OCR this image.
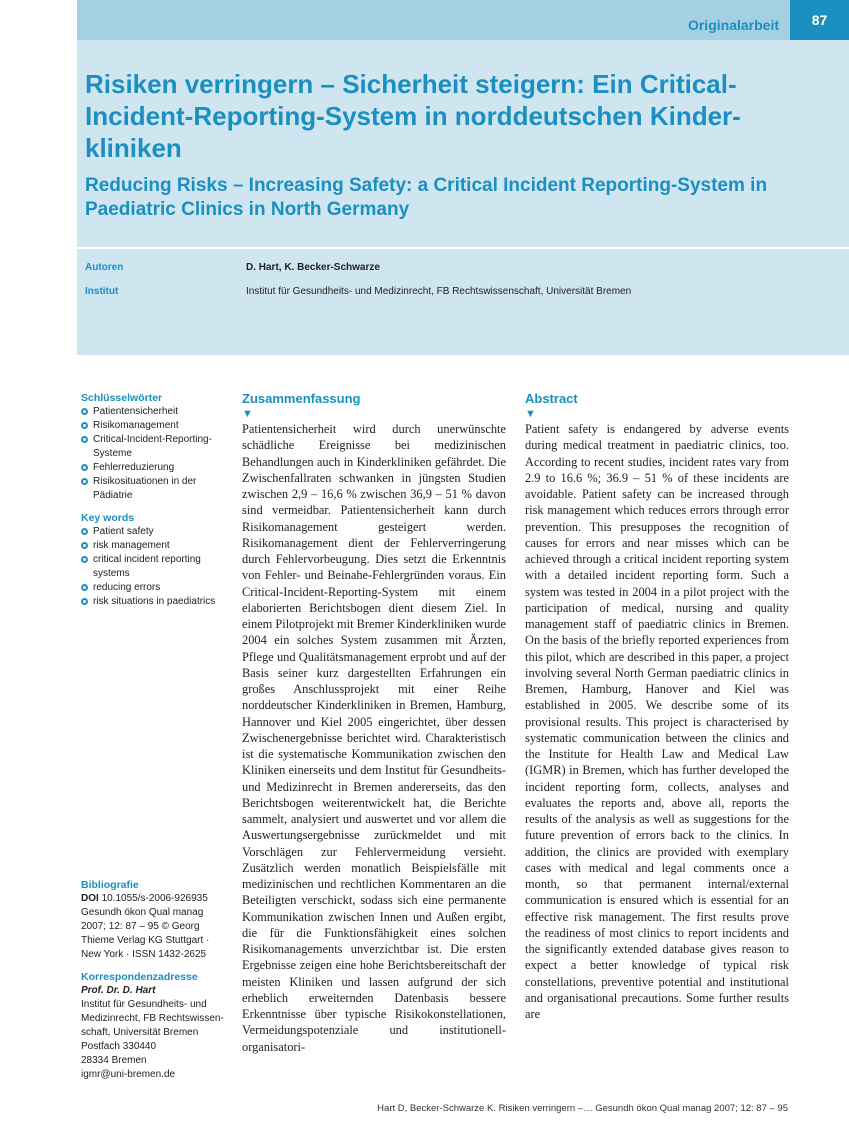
Originalarbeit	87
Risiken verringern – Sicherheit steigern: Ein Critical-Incident-Reporting-System in norddeutschen Kinder-kliniken
Reducing Risks – Increasing Safety: a Critical Incident Reporting-System in Paediatric Clinics in North Germany
Autoren	D. Hart, K. Becker-Schwarze
Institut	Institut für Gesundheits- und Medizinrecht, FB Rechtswissenschaft, Universität Bremen

Schlüsselwörter

Patientensicherheit
Risikomanagement
Critical-Incident-Reporting-Systeme
Fehlerreduzierung
Risikosituationen in der Pädiatrie

Key words

Patient safety
risk management
critical incident reporting systems
reducing errors
risk situations in paediatrics

Bibliografie

DOI 10.1055/s-2006-926935

Gesundh ökon Qual manag 2007; 12: 87 – 95 © Georg Thieme Verlag KG Stuttgart · New York · ISSN 1432-2625

Korrespondenzadresse

Prof. Dr. D. Hart

Institut für Gesundheits- und Medizinrecht, FB Rechtswissen-schaft, Universität Bremen

Postfach 330440

28334 Bremen

igmr@uni-bremen.de

Zusammenfassung

▼

Patientensicherheit wird durch unerwünschte schädliche Ereignisse bei medizinischen Behandlungen auch in Kinderkliniken gefährdet. Die Zwischenfallraten schwanken in jüngsten Studien zwischen 2,9 – 16,6 % zwischen 36,9 – 51 % davon sind vermeidbar. Patientensicherheit kann durch Risikomanagement gesteigert werden. Risikomanagement dient der Fehlerverringerung durch Fehlervorbeugung. Dies setzt die Erkenntnis von Fehler- und Beinahe-Fehlergründen voraus. Ein Critical-Incident-Reporting-System mit einem elaborierten Berichtsbogen dient diesem Ziel. In einem Pilotprojekt mit Bremer Kinderkliniken wurde 2004 ein solches System zusammen mit Ärzten, Pflege und Qualitätsmanagement erprobt und auf der Basis seiner kurz dargestellten Erfahrungen ein großes Anschlussprojekt mit einer Reihe norddeutscher Kinderkliniken in Bremen, Hamburg, Hannover und Kiel 2005 eingerichtet, über dessen Zwischenergebnisse berichtet wird. Charakteristisch ist die systematische Kommunikation zwischen den Kliniken einerseits und dem Institut für Gesundheits- und Medizinrecht in Bremen andererseits, das den Berichtsbogen weiterentwickelt hat, die Berichte sammelt, analysiert und auswertet und vor allem die Auswertungsergebnisse zurückmeldet und mit Vorschlägen zur Fehlervermeidung versieht. Zusätzlich werden monatlich Beispielsfälle mit medizinischen und rechtlichen Kommentaren an die Beteiligten verschickt, sodass sich eine permanente Kommunikation zwischen Innen und Außen ergibt, die für die Funktionsfähigkeit eines solchen Risikomanagements unverzichtbar ist. Die ersten Ergebnisse zeigen eine hohe Berichtsbereitschaft der meisten Kliniken und lassen aufgrund der sich erheblich erweiternden Datenbasis bessere Erkenntnisse über typische Risikokonstellationen, Vermeidungspotenziale und institutionell-organisatori-

Abstract

▼

Patient safety is endangered by adverse events during medical treatment in paediatric clinics, too. According to recent studies, incident rates vary from 2.9 to 16.6 %; 36.9 – 51 % of these incidents are avoidable. Patient safety can be increased through risk management which reduces errors through error prevention. This presupposes the recognition of causes for errors and near misses which can be achieved through a critical incident reporting system with a detailed incident reporting form. Such a system was tested in 2004 in a pilot project with the participation of medical, nursing and quality management staff of paediatric clinics in Bremen. On the basis of the briefly reported experiences from this pilot, which are described in this paper, a project involving several North German paediatric clinics in Bremen, Hamburg, Hanover and Kiel was established in 2005. We describe some of its provisional results. This project is characterised by systematic communication between the clinics and the Institute for Health Law and Medical Law (IGMR) in Bremen, which has further developed the incident reporting form, collects, analyses and evaluates the reports and, above all, reports the results of the analysis as well as suggestions for the future prevention of errors back to the clinics. In addition, the clinics are provided with exemplary cases with medical and legal comments once a month, so that permanent internal/external communication is ensured which is essential for an effective risk management. The first results prove the readiness of most clinics to report incidents and the significantly extended database gives reason to expect a better knowledge of typical risk constellations, preventive potential and institutional and organisational precautions. Some further results are

Hart D, Becker-Schwarze K. Risiken verringern –… Gesundh ökon Qual manag 2007; 12: 87 – 95
